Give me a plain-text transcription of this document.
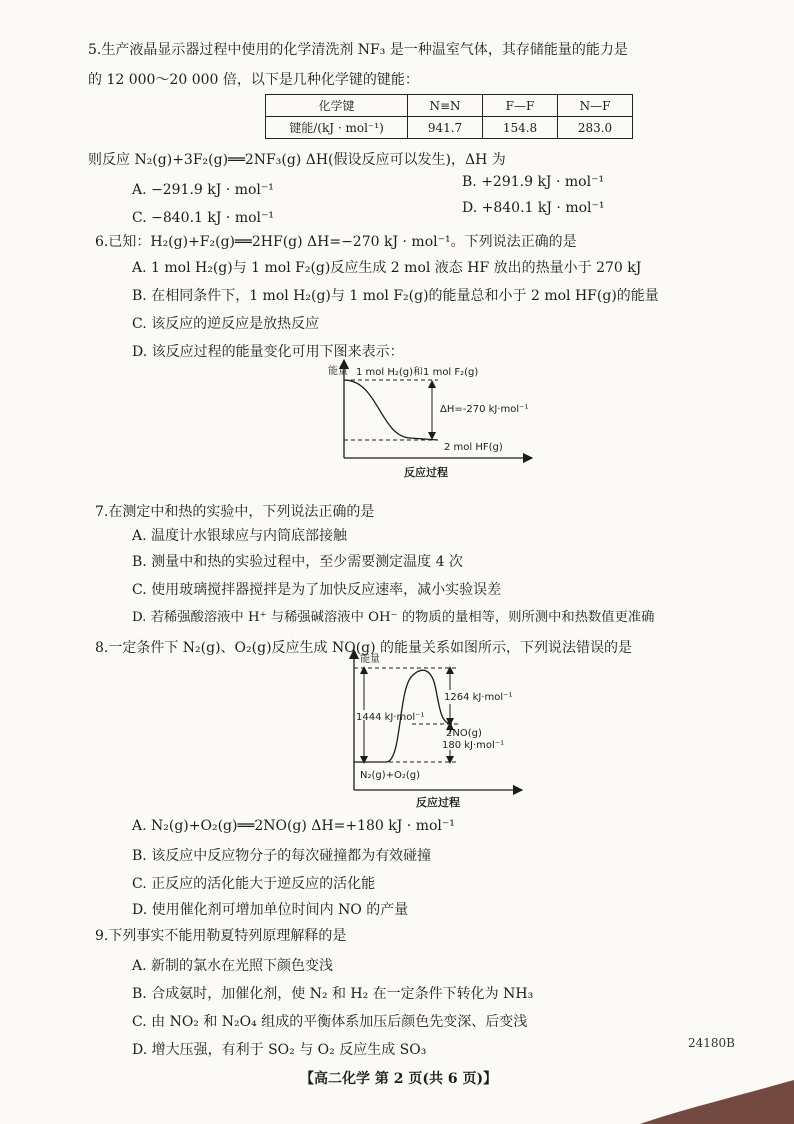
5.生产液晶显示器过程中使用的化学清洗剂 NF₃ 是一种温室气体，其存储能量的能力是
的 12 000～20 000 倍，以下是几种化学键的键能：
化学键	N≡N	F—F	N—F
键能/(kJ · mol⁻¹)	941.7	154.8	283.0
则反应 N₂(g)+3F₂(g)══2NF₃(g) ΔH(假设反应可以发生)，ΔH 为
A. −291.9 kJ · mol⁻¹	B. +291.9 kJ · mol⁻¹
C. −840.1 kJ · mol⁻¹
D. +840.1 kJ · mol⁻¹
6.已知：H₂(g)+F₂(g)══2HF(g) ΔH=−270 kJ · mol⁻¹。下列说法正确的是
A. 1 mol H₂(g)与 1 mol F₂(g)反应生成 2 mol 液态 HF 放出的热量小于 270 kJ
B. 在相同条件下，1 mol H₂(g)与 1 mol F₂(g)的能量总和小于 2 mol HF(g)的能量
C. 该反应的逆反应是放热反应
D. 该反应过程的能量变化可用下图来表示：
能量 1 mol H₂(g)和1 mol F₂(g)
ΔH=-270 kJ·mol⁻¹
2 mol HF(g)
反应过程
7.在测定中和热的实验中，下列说法正确的是
A. 温度计水银球应与内筒底部接触
B. 测量中和热的实验过程中，至少需要测定温度 4 次
C. 使用玻璃搅拌器搅拌是为了加快反应速率，减小实验误差
D. 若稀强酸溶液中 H⁺ 与稀强碱溶液中 OH⁻ 的物质的量相等，则所测中和热数值更准确
8.一定条件下 N₂(g)、O₂(g)反应生成 NO(g) 的能量关系如图所示，下列说法错误的是
能量
1444 kJ·mol⁻¹
1264 kJ·mol⁻¹
2NO(g)
180 kJ·mol⁻¹
N₂(g)+O₂(g)
反应过程
A. N₂(g)+O₂(g)══2NO(g) ΔH=+180 kJ · mol⁻¹
B. 该反应中反应物分子的每次碰撞都为有效碰撞
C. 正反应的活化能大于逆反应的活化能
D. 使用催化剂可增加单位时间内 NO 的产量
9.下列事实不能用勒夏特列原理解释的是
A. 新制的氯水在光照下颜色变浅
B. 合成氨时，加催化剂，使 N₂ 和 H₂ 在一定条件下转化为 NH₃
C. 由 NO₂ 和 N₂O₄ 组成的平衡体系加压后颜色先变深、后变浅
D. 增大压强，有利于 SO₂ 与 O₂ 反应生成 SO₃	24180B
【高二化学 第 2 页(共 6 页)】
